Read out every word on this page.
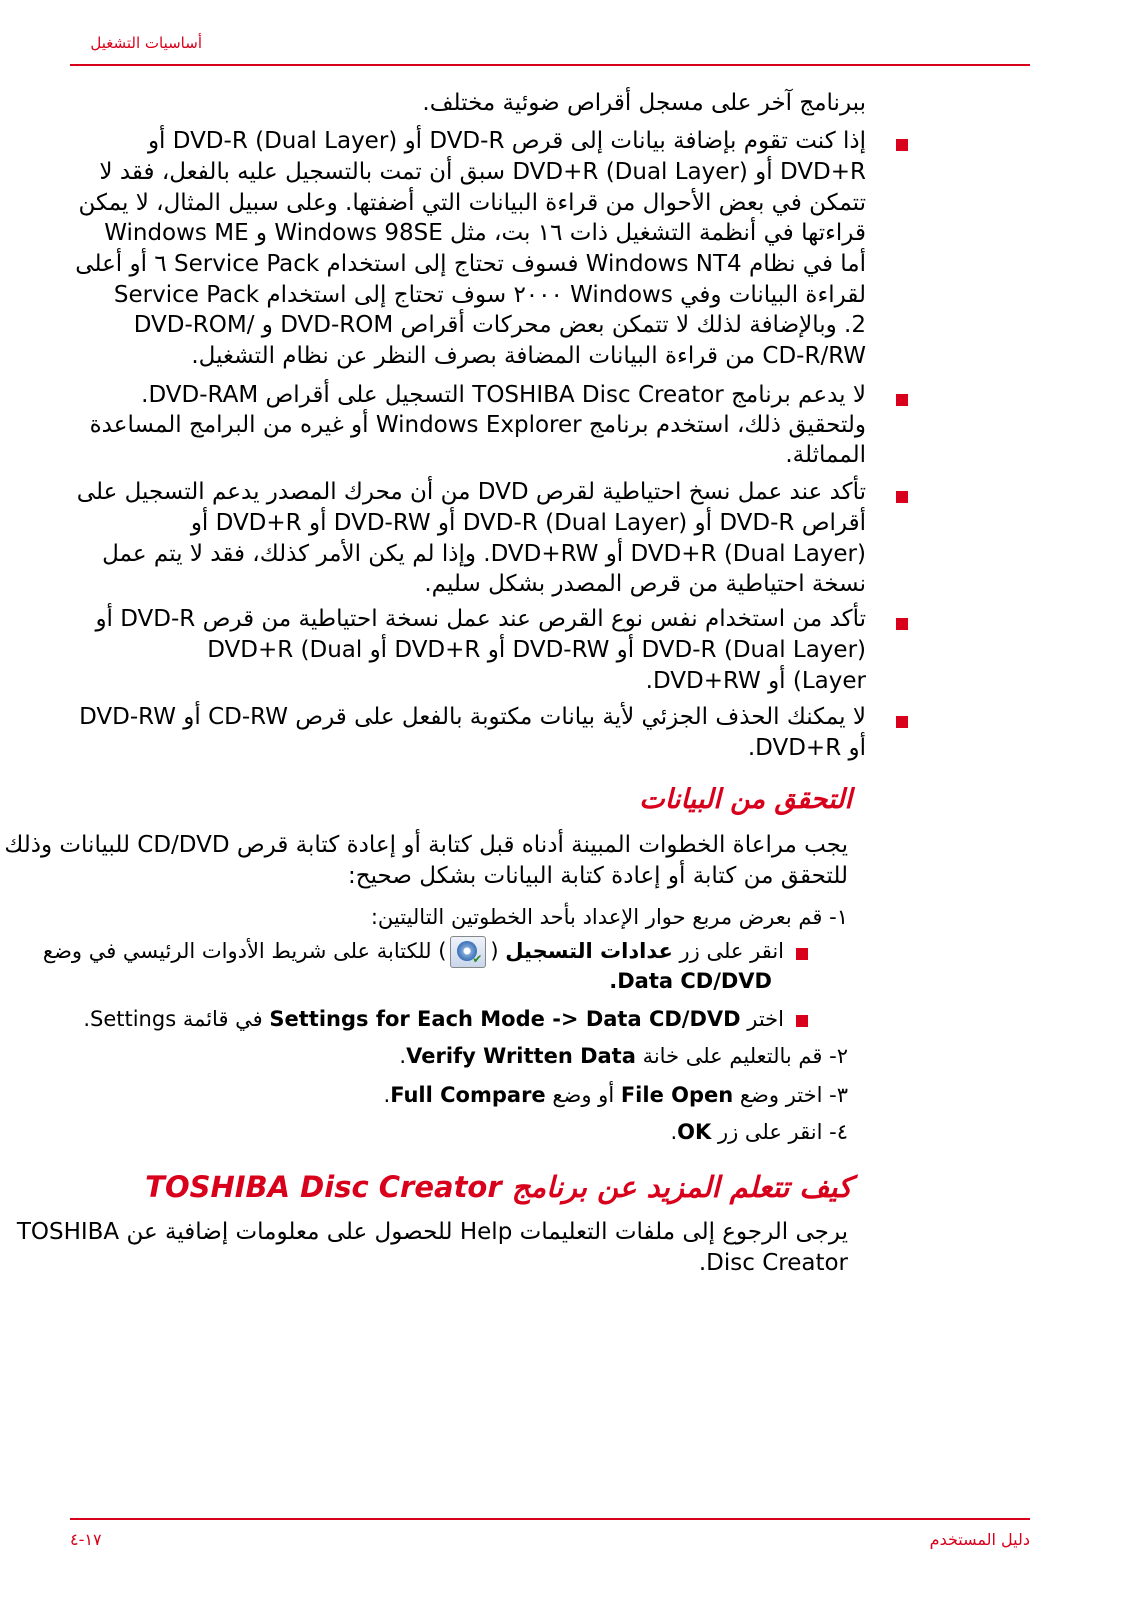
أساسيات التشغيل
ببرنامج آخر على مسجل أقراص ضوئية مختلف.
إذا كنت تقوم بإضافة بيانات إلى قرص DVD-R أو DVD-R (Dual Layer) أو
DVD+R أو DVD+R (Dual Layer) سبق أن تمت بالتسجيل عليه بالفعل، فقد لا
تتمكن في بعض الأحوال من قراءة البيانات التي أضفتها. وعلى سبيل المثال، لا يمكن
قراءتها في أنظمة التشغيل ذات ١٦ بت، مثل Windows 98SE و Windows ME
أما في نظام Windows NT4 فسوف تحتاج إلى استخدام Service Pack ٦ أو أعلى
لقراءة البيانات وفي Windows ٢٠٠٠ سوف تحتاج إلى استخدام Service Pack
2. وبالإضافة لذلك لا تتمكن بعض محركات أقراص DVD-ROM و /DVD-ROM
CD-R/RW من قراءة البيانات المضافة بصرف النظر عن نظام التشغيل.
لا يدعم برنامج TOSHIBA Disc Creator التسجيل على أقراص DVD-RAM.
ولتحقيق ذلك، استخدم برنامج Windows Explorer أو غيره من البرامج المساعدة
المماثلة.
تأكد عند عمل نسخ احتياطية لقرص DVD من أن محرك المصدر يدعم التسجيل على
أقراص DVD-R أو DVD-R (Dual Layer) أو DVD-RW أو DVD+R أو
DVD+R (Dual Layer) أو DVD+RW. وإذا لم يكن الأمر كذلك، فقد لا يتم عمل
نسخة احتياطية من قرص المصدر بشكل سليم.
تأكد من استخدام نفس نوع القرص عند عمل نسخة احتياطية من قرص DVD-R أو
DVD-R (Dual Layer) أو DVD-RW أو DVD+R أو DVD+R (Dual
Layer) أو DVD+RW.
لا يمكنك الحذف الجزئي لأية بيانات مكتوبة بالفعل على قرص CD-RW أو DVD-RW
أو DVD+R.
التحقق من البيانات
يجب مراعاة الخطوات المبينة أدناه قبل كتابة أو إعادة كتابة قرص CD/DVD للبيانات وذلك
للتحقق من كتابة أو إعادة كتابة البيانات بشكل صحيح:
١- قم بعرض مربع حوار الإعداد بأحد الخطوتين التاليتين:
انقر على زر عدادات التسجيل (
✔
) للكتابة على شريط الأدوات الرئيسي في وضع
Data CD/DVD.
اختر Settings for Each Mode -> Data CD/DVD في قائمة Settings.
٢- قم بالتعليم على خانة Verify Written Data.
٣- اختر وضع File Open أو وضع Full Compare.
٤- انقر على زر OK.
كيف تتعلم المزيد عن برنامج TOSHIBA Disc Creator
يرجى الرجوع إلى ملفات التعليمات Help للحصول على معلومات إضافية عن TOSHIBA
Disc Creator.
١٧-٤	دليل المستخدم
